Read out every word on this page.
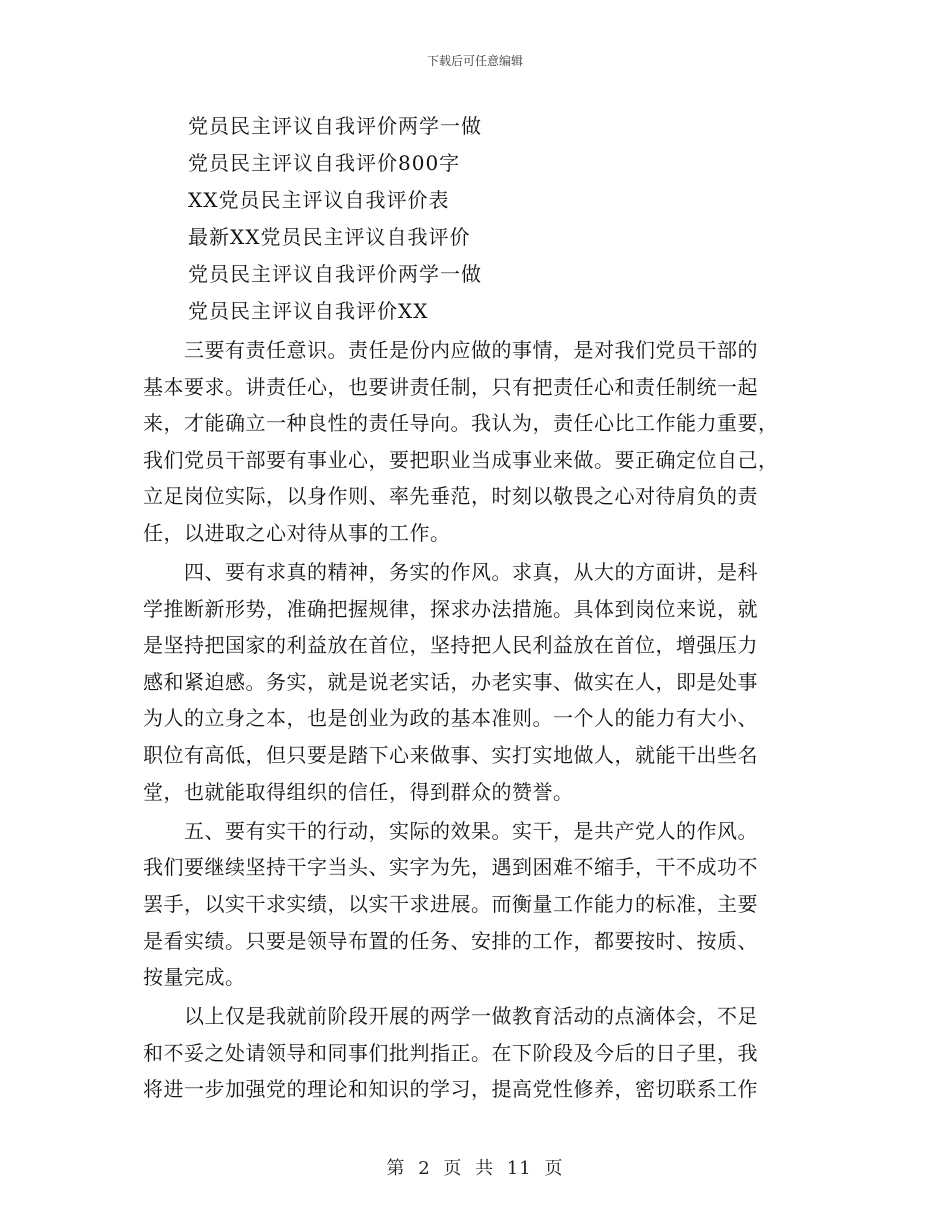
下载后可任意编辑
党员民主评议自我评价两学一做
党员民主评议自我评价800字
XX党员民主评议自我评价表
最新XX党员民主评议自我评价
党员民主评议自我评价两学一做
党员民主评议自我评价XX

　　三要有责任意识。责任是份内应做的事情，是对我们党员干部的
基本要求。讲责任心，也要讲责任制，只有把责任心和责任制统一起
来，才能确立一种良性的责任导向。我认为，责任心比工作能力重要，
我们党员干部要有事业心，要把职业当成事业来做。要正确定位自己，
立足岗位实际，以身作则、率先垂范，时刻以敬畏之心对待肩负的责
任，以进取之心对待从事的工作。

　　四、要有求真的精神，务实的作风。求真，从大的方面讲，是科
学推断新形势，准确把握规律，探求办法措施。具体到岗位来说，就
是坚持把国家的利益放在首位，坚持把人民利益放在首位，增强压力
感和紧迫感。务实，就是说老实话，办老实事、做实在人，即是处事
为人的立身之本，也是创业为政的基本准则。一个人的能力有大小、
职位有高低，但只要是踏下心来做事、实打实地做人，就能干出些名
堂，也就能取得组织的信任，得到群众的赞誉。

　　五、要有实干的行动，实际的效果。实干，是共产党人的作风。
我们要继续坚持干字当头、实字为先，遇到困难不缩手，干不成功不
罢手，以实干求实绩，以实干求进展。而衡量工作能力的标准，主要
是看实绩。只要是领导布置的任务、安排的工作，都要按时、按质、
按量完成。

　　以上仅是我就前阶段开展的两学一做教育活动的点滴体会，不足
和不妥之处请领导和同事们批判指正。在下阶段及今后的日子里，我
将进一步加强党的理论和知识的学习，提高党性修养，密切联系工作

第 2 页 共 11 页
